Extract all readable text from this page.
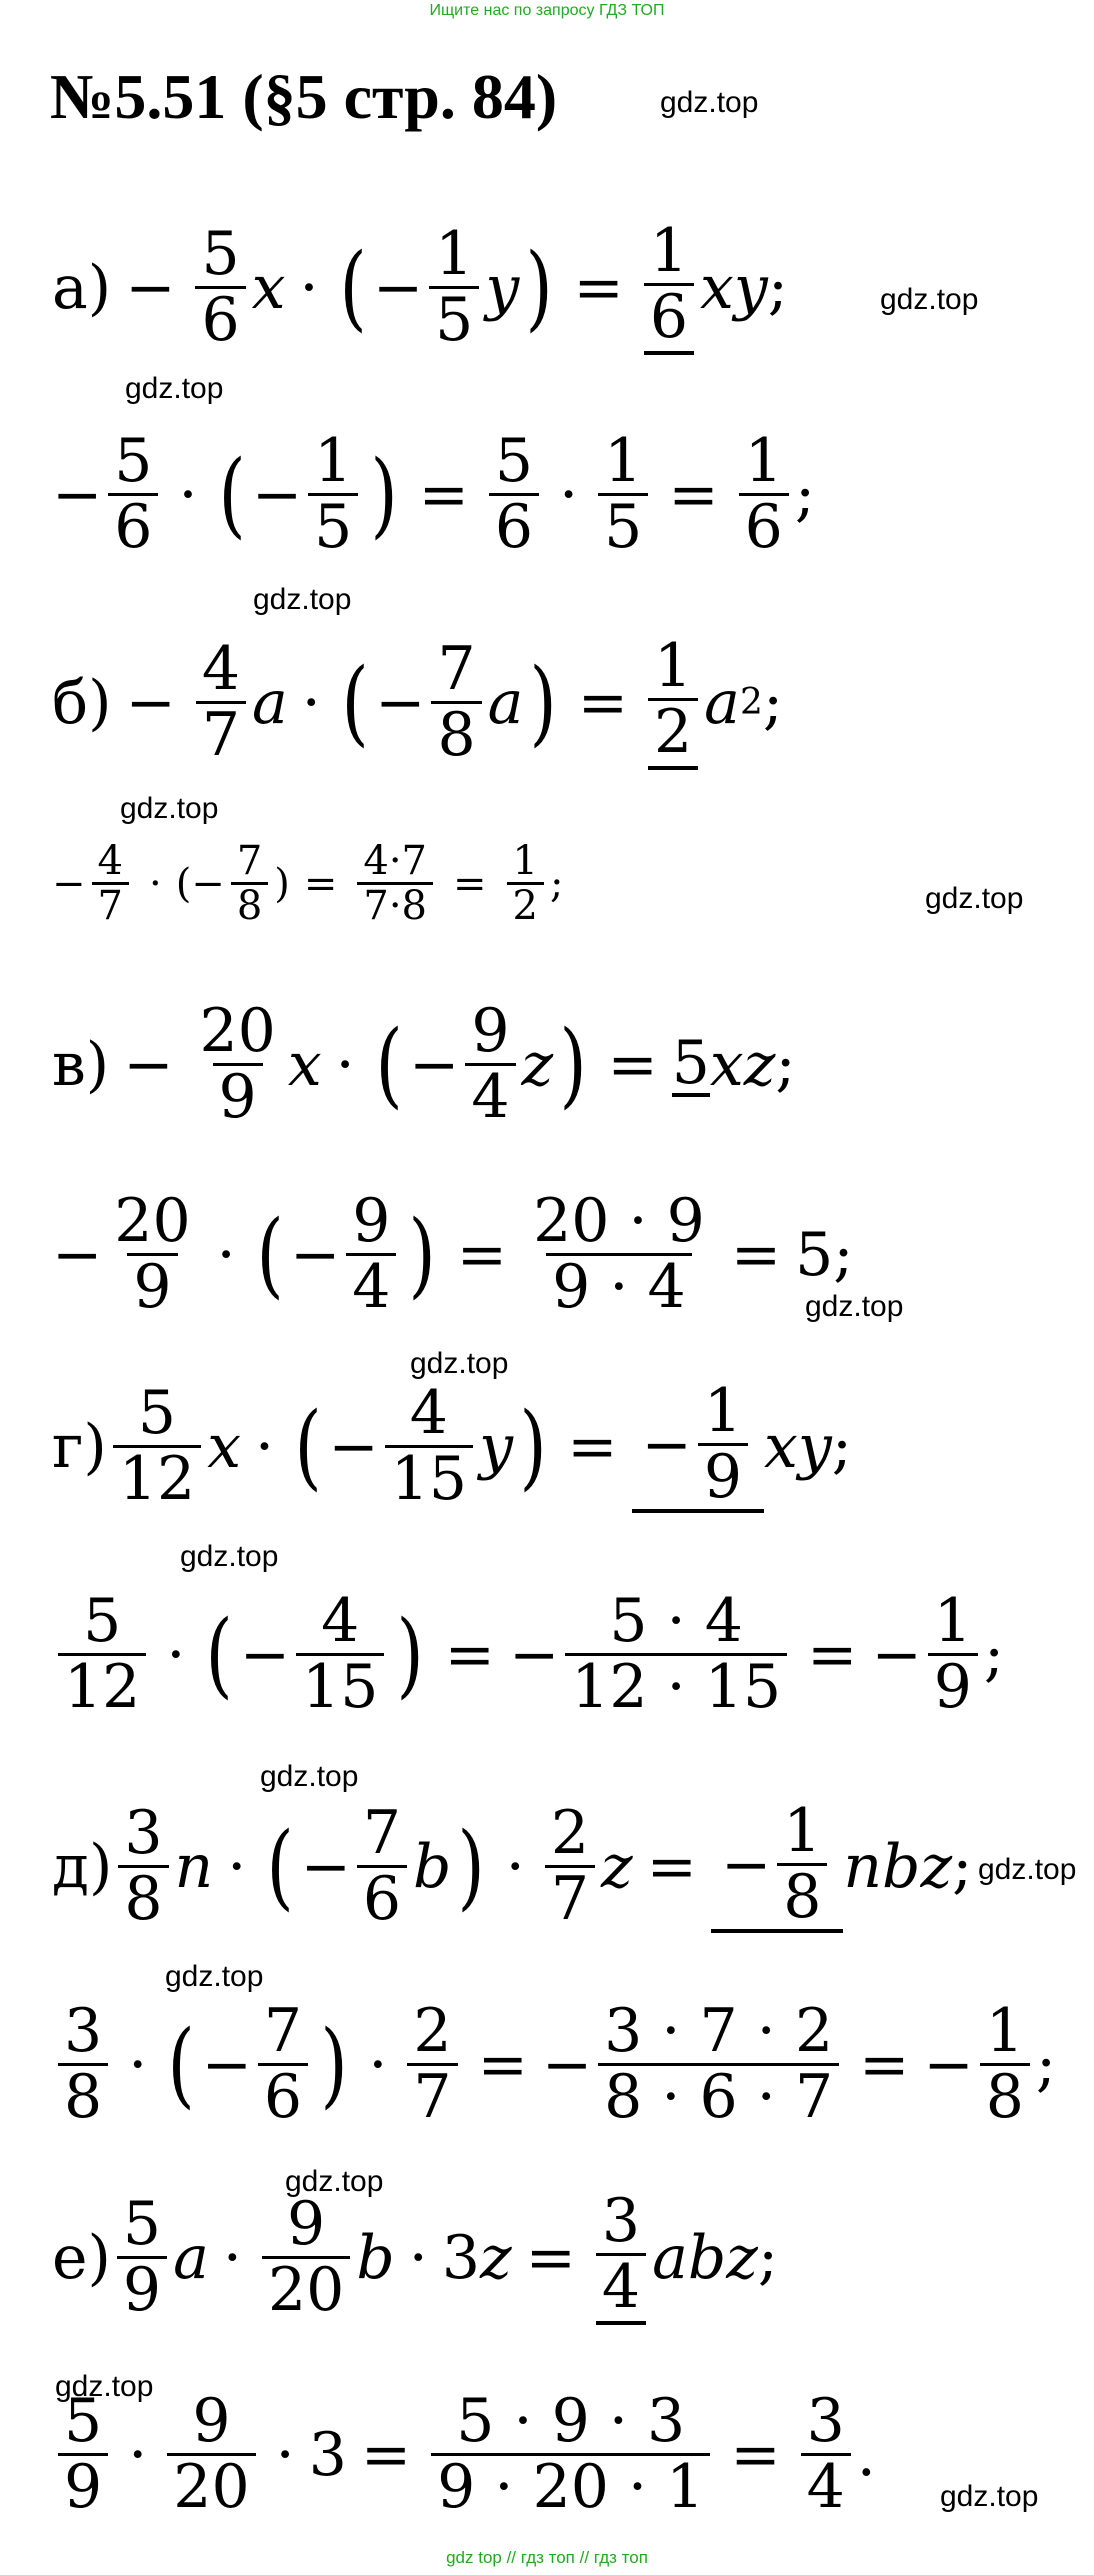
Ищите нас по запросу ГДЗ ТОП
№5.51 (§5 стр. 84)	gdz.top
gdz.top
gdz.top
gdz.top
gdz.top
gdz.top
gdz.top
gdz.top
gdz.top
gdz.top
gdz.top
gdz.top
gdz.top
gdz.top
gdz.top
$а) - \frac{5}{6}$ x · ( − $\frac{1}{5}$ y ) = $\frac{1}{6}$ xy ;
− $\frac{5}{6}$ · ( − $\frac{1}{5}$ ) = $\frac{5}{6} \cdot \frac{1}{5} = \frac{1}{6}$ ;
$б) - \frac{4}{7}$ a · ( − $\frac{7}{8}$ a ) = $\frac{1}{2}$ a 2 ;
− $\frac{4}{7}$ · (− $\frac{7}{8}$ ) = $\frac{4\cdot 7}{7\cdot 8} = \frac{1}{2}$ ;
$в) - \frac{20}{9}$ x · ( − $\frac{9}{4}$ z ) = 5 xz ;
− $\frac{20}{9}$ · ( − $\frac{9}{4}$ ) = $\frac{20 \cdot 9}{9 \cdot 4} = 5$;
$г) \frac{5}{12}$ x · ( − $\frac{4}{15}$ y ) = − $\frac{1}{9}$ xy ;
$\frac{5}{12}$ · ( − $\frac{4}{15}$ ) = − $\frac{5 \cdot 4}{12 \cdot 15}$ = − $\frac{1}{9}$ ;
$д) \frac{3}{8}$ n · ( − $\frac{7}{6}$ b ) · $\frac{2}{7}$ z = − $\frac{1}{8}$ nbz ;
$\frac{3}{8}$ · ( − $\frac{7}{6}$ ) · $\frac{2}{7}$ = − $\frac{3 \cdot 7 \cdot 2}{8 \cdot 6 \cdot 7}$ = − $\frac{1}{8}$ ;
$е) \frac{5}{9}$ $a \cdot \frac{9}{20}$ b · 3 $z = \frac{3}{4}$ abz ;
$\frac{5}{9} \cdot \frac{9}{20} \cdot 3 = \frac{5 \cdot 9 \cdot 3}{9 \cdot 20 \cdot 1} = \frac{3}{4}$ .
gdz top // гдз топ // гдз топ
